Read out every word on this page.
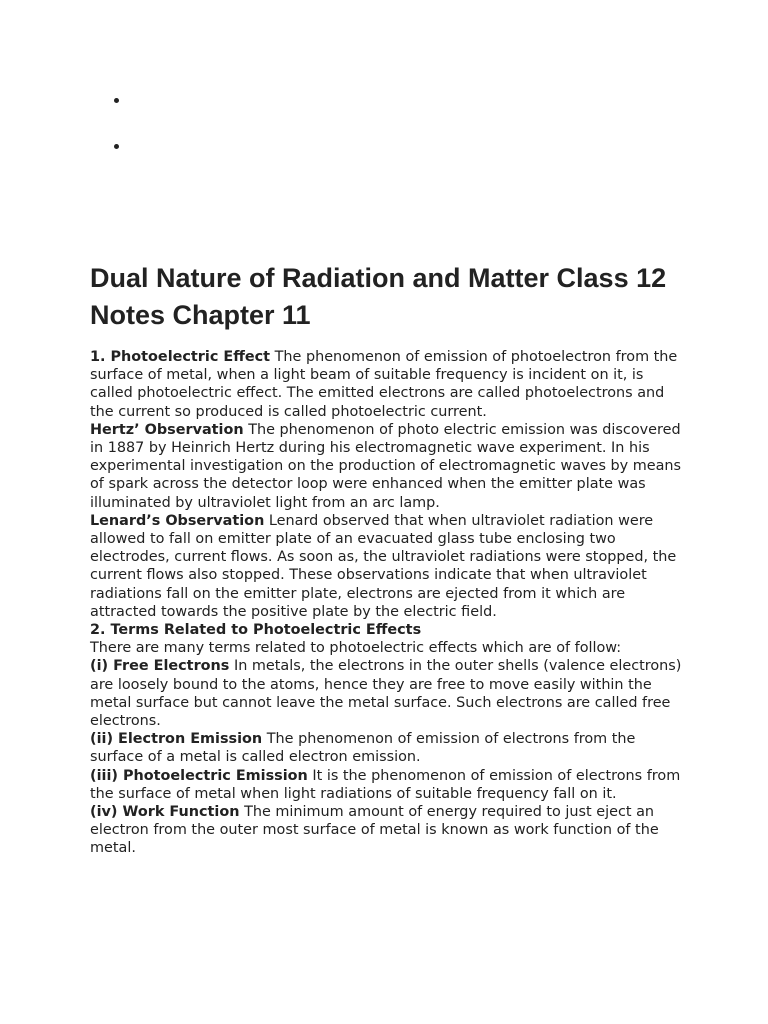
Dual Nature of Radiation and Matter Class 12 Notes Chapter 11

1. Photoelectric Effect The phenomenon of emission of photoelectron from the surface of metal, when a light beam of suitable frequency is incident on it, is called photoelectric effect. The emitted electrons are called photoelectrons and the current so produced is called photoelectric current.

Hertz’ Observation The phenomenon of photo electric emission was discovered in 1887 by Heinrich Hertz during his electromagnetic wave experiment. In his experimental investigation on the production of electromagnetic waves by means of spark across the detector loop were enhanced when the emitter plate was illuminated by ultraviolet light from an arc lamp.

Lenard’s Observation Lenard observed that when ultraviolet radiation were allowed to fall on emitter plate of an evacuated glass tube enclosing two electrodes, current flows. As soon as, the ultraviolet radiations were stopped, the current flows also stopped. These observations indicate that when ultraviolet radiations fall on the emitter plate, electrons are ejected from it which are attracted towards the positive plate by the electric field.

2. Terms Related to Photoelectric Effects

There are many terms related to photoelectric effects which are of follow:

(i) Free Electrons In metals, the electrons in the outer shells (valence electrons) are loosely bound to the atoms, hence they are free to move easily within the metal surface but cannot leave the metal surface. Such electrons are called free electrons.

(ii) Electron Emission The phenomenon of emission of electrons from the surface of a metal is called electron emission.

(iii) Photoelectric Emission It is the phenomenon of emission of electrons from the surface of metal when light radiations of suitable frequency fall on it.

(iv) Work Function The minimum amount of energy required to just eject an electron from the outer most surface of metal is known as work function of the metal.
